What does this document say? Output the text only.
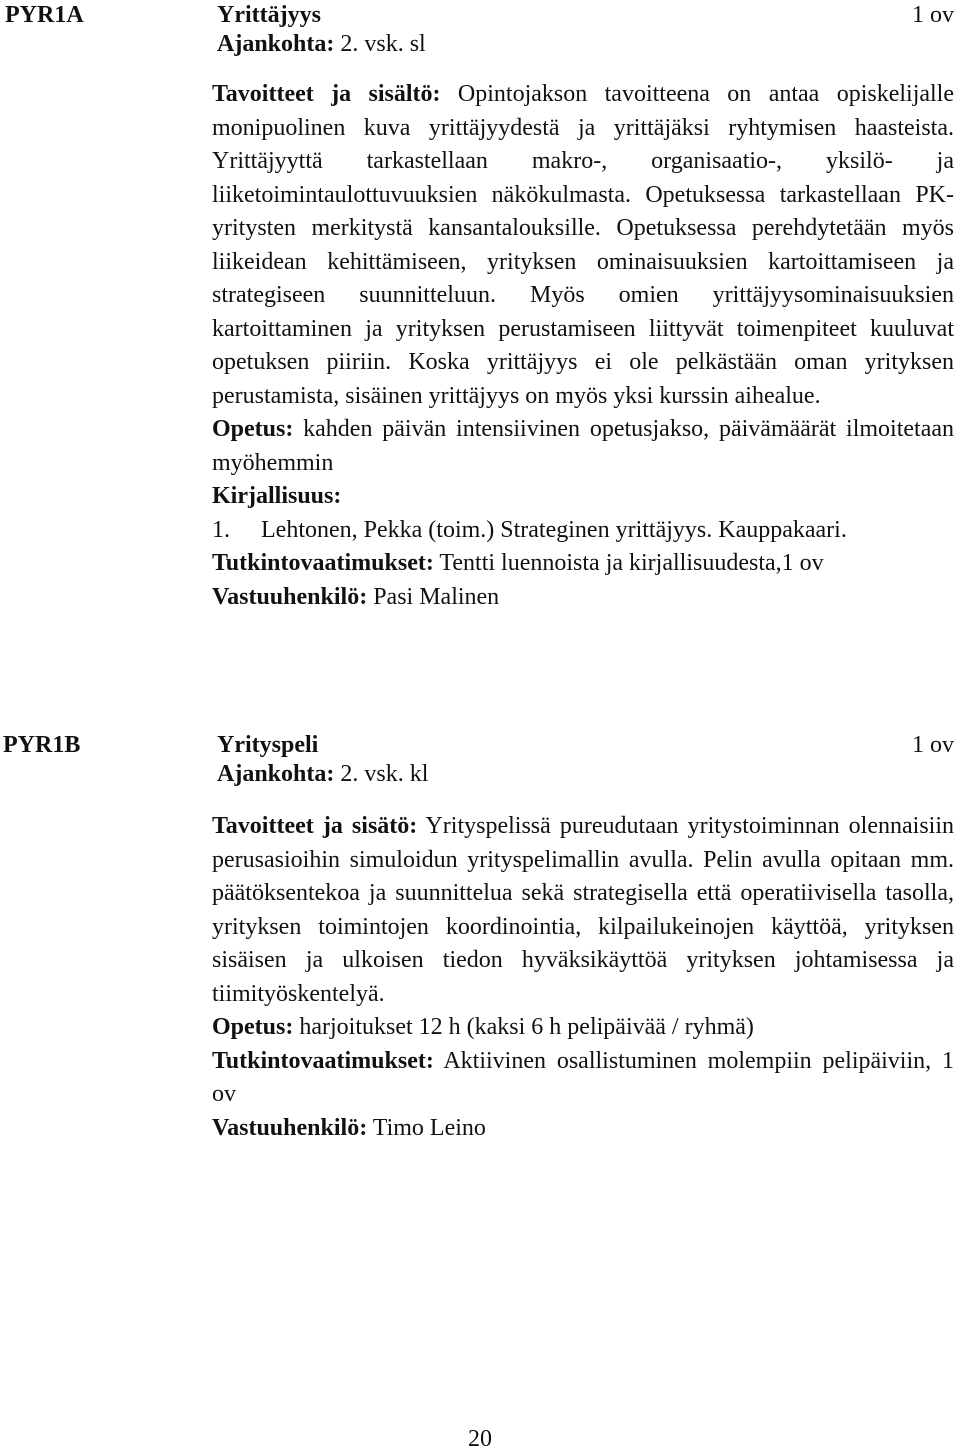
PYR1A	Yrittäjyys	1 ov
Ajankohta: 2. vsk. sl

Tavoitteet ja sisältö: Opintojakson tavoitteena on antaa opiskelijalle monipuolinen kuva yrittäjyydestä ja yrittäjäksi ryhtymisen haasteista. Yrittäjyyttä tarkastellaan makro-, organisaatio-, yksilö- ja liiketoimintaulottuvuuksien näkökulmasta. Opetuksessa tarkastellaan PK-yritysten merkitystä kansantalouksille. Opetuksessa perehdytetään myös liikeidean kehittämiseen, yrityksen ominaisuuksien kartoittamiseen ja strategiseen suunnitteluun. Myös omien yrittäjyysominaisuuksien kartoittaminen ja yrityksen perustamiseen liittyvät toimenpiteet kuuluvat opetuksen piiriin. Koska yrittäjyys ei ole pelkästään oman yrityksen perustamista, sisäinen yrittäjyys on myös yksi kurssin aihealue.

Opetus: kahden päivän intensiivinen opetusjakso, päivämäärät ilmoitetaan myöhemmin

Kirjallisuus:

1.	Lehtonen, Pekka (toim.) Strateginen yrittäjyys. Kauppakaari.

Tutkintovaatimukset: Tentti luennoista ja kirjallisuudesta,1 ov

Vastuuhenkilö: Pasi Malinen

PYR1B	Yrityspeli	1 ov
Ajankohta: 2. vsk. kl

Tavoitteet ja sisätö: Yrityspelissä pureudutaan yritystoiminnan olennaisiin perusasioihin simuloidun yrityspelimallin avulla. Pelin avulla opitaan mm. päätöksentekoa ja suunnittelua sekä strategisella että operatiivisella tasolla, yrityksen toimintojen koordinointia, kilpailukeinojen käyttöä, yrityksen sisäisen ja ulkoisen tiedon hyväksikäyttöä yrityksen johtamisessa ja tiimityöskentelyä.

Opetus: harjoitukset 12 h (kaksi 6 h pelipäivää / ryhmä)

Tutkintovaatimukset: Aktiivinen osallistuminen molempiin pelipäiviin, 1 ov

Vastuuhenkilö: Timo Leino

20
